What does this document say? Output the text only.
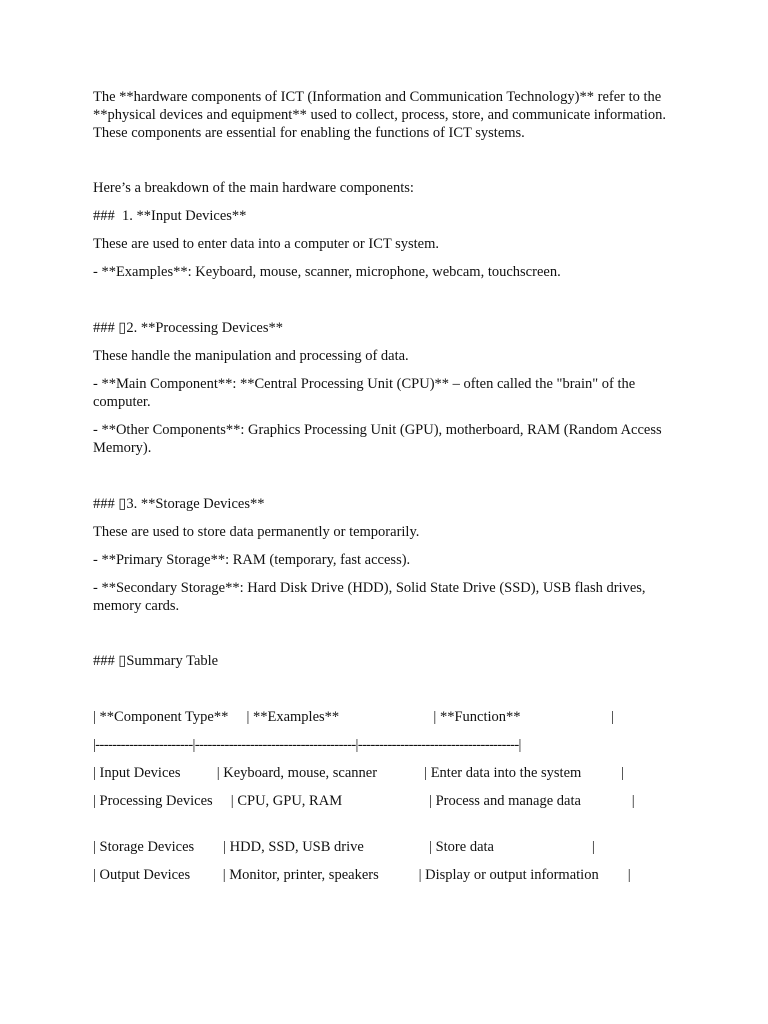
The **hardware components of ICT (Information and Communication Technology)** refer to the **physical devices and equipment** used to collect, process, store, and communicate information. These components are essential for enabling the functions of ICT systems.

Here’s a breakdown of the main hardware components:

###  1. **Input Devices**

These are used to enter data into a computer or ICT system.

- **Examples**: Keyboard, mouse, scanner, microphone, webcam, touchscreen.

### ▯2. **Processing Devices**

These handle the manipulation and processing of data.

- **Main Component**: **Central Processing Unit (CPU)** – often called the "brain" of the computer.

- **Other Components**: Graphics Processing Unit (GPU), motherboard, RAM (Random Access Memory).

### ▯3. **Storage Devices**

These are used to store data permanently or temporarily.

- **Primary Storage**: RAM (temporary, fast access).

- **Secondary Storage**: Hard Disk Drive (HDD), Solid State Drive (SSD), USB flash drives, memory cards.

### ▯Summary Table

| **Component Type**     | **Examples**                          | **Function**                         |

|-----------------------|--------------------------------------|--------------------------------------|

| Input Devices          | Keyboard, mouse, scanner             | Enter data into the system           |

| Processing Devices     | CPU, GPU, RAM                        | Process and manage data              |

| Storage Devices        | HDD, SSD, USB drive                  | Store data                           |

| Output Devices         | Monitor, printer, speakers           | Display or output information        |
